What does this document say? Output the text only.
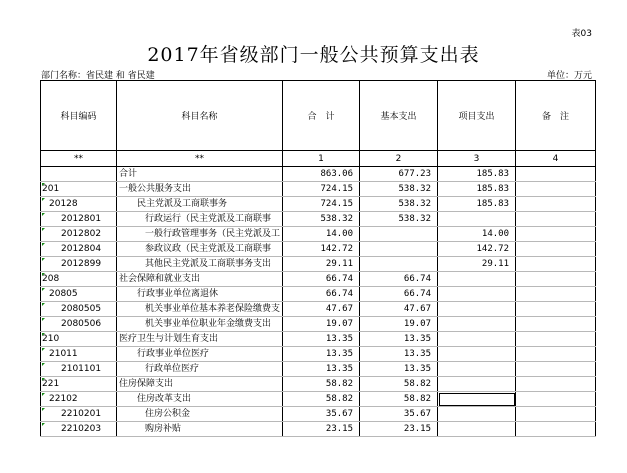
表03
2017年省级部门一般公共预算支出表
部门名称：省民建 和 省民建	单位：万元
科目编码	科目名称	合　计	基本支出	项目支出	备　注
**	**	1	2	3	4
	合计	863.06	677.23	185.83	
201	一般公共服务支出	724.15	538.32	185.83	
20128	民主党派及工商联事务	724.15	538.32	185.83	
2012801	行政运行（民主党派及工商联事	538.32	538.32		
2012802	一般行政管理事务（民主党派及工	14.00		14.00	
2012804	参政议政（民主党派及工商联事	142.72		142.72	
2012899	其他民主党派及工商联事务支出	29.11		29.11	
208	社会保障和就业支出	66.74	66.74		
20805	行政事业单位离退休	66.74	66.74		
2080505	机关事业单位基本养老保险缴费支	47.67	47.67		
2080506	机关事业单位职业年金缴费支出	19.07	19.07		
210	医疗卫生与计划生育支出	13.35	13.35		
21011	行政事业单位医疗	13.35	13.35		
2101101	行政单位医疗	13.35	13.35		
221	住房保障支出	58.82	58.82		
22102	住房改革支出	58.82	58.82		
2210201	住房公积金	35.67	35.67		
2210203	购房补贴	23.15	23.15		
